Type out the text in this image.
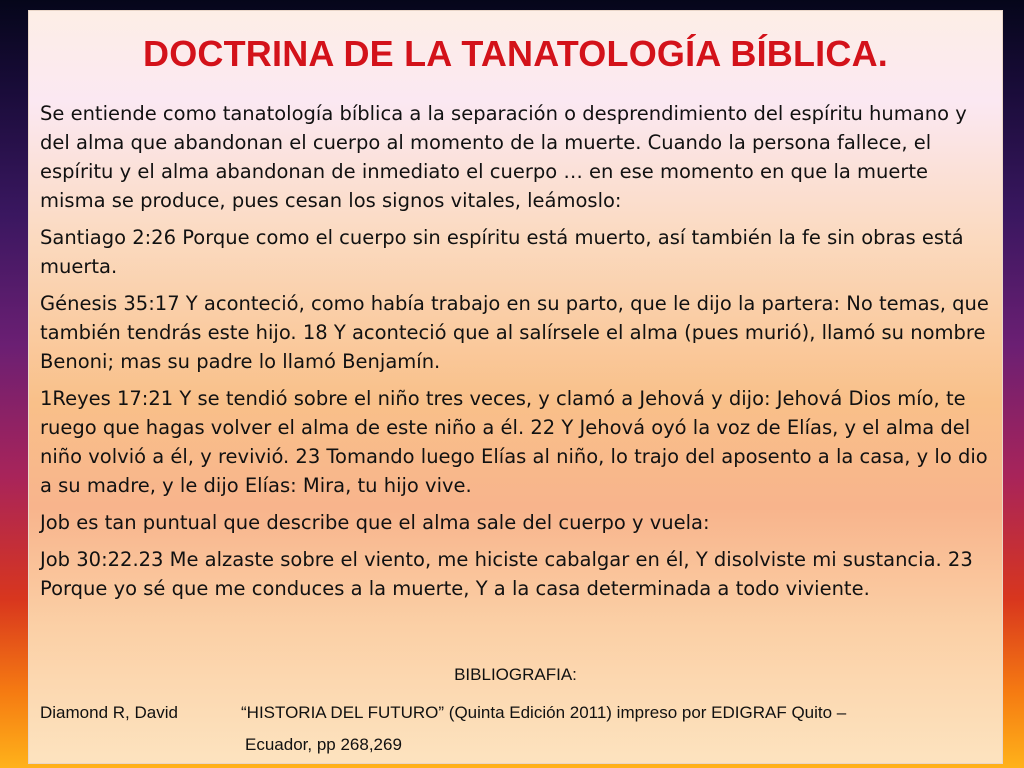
DOCTRINA DE LA TANATOLOGÍA BÍBLICA.

Se entiende como tanatología bíblica a la separación o desprendimiento del espíritu humano y del alma que abandonan el cuerpo al momento de la muerte. Cuando la persona fallece, el espíritu y el alma abandonan de inmediato el cuerpo … en ese momento en que la muerte misma se produce, pues cesan los signos vitales, leámoslo:

Santiago 2:26 Porque como el cuerpo sin espíritu está muerto, así también la fe sin obras está muerta.

Génesis 35:17 Y aconteció, como había trabajo en su parto, que le dijo la partera: No temas, que también tendrás este hijo. 18 Y aconteció que al salírsele el alma (pues murió), llamó su nombre Benoni; mas su padre lo llamó Benjamín.

1Reyes 17:21 Y se tendió sobre el niño tres veces, y clamó a Jehová y dijo: Jehová Dios mío, te ruego que hagas volver el alma de este niño a él. 22 Y Jehová oyó la voz de Elías, y el alma del niño volvió a él, y revivió. 23 Tomando luego Elías al niño, lo trajo del aposento a la casa, y lo dio a su madre, y le dijo Elías: Mira, tu hijo vive.

Job es tan puntual que describe que el alma sale del cuerpo y vuela:

Job 30:22.23 Me alzaste sobre el viento, me hiciste cabalgar en él, Y disolviste mi sustancia. 23 Porque yo sé que me conduces a la muerte, Y a la casa determinada a todo viviente.

BIBLIOGRAFIA:
Diamond R, David	“HISTORIA DEL FUTURO” (Quinta Edición 2011) impreso por EDIGRAF Quito –
Ecuador, pp 268,269
